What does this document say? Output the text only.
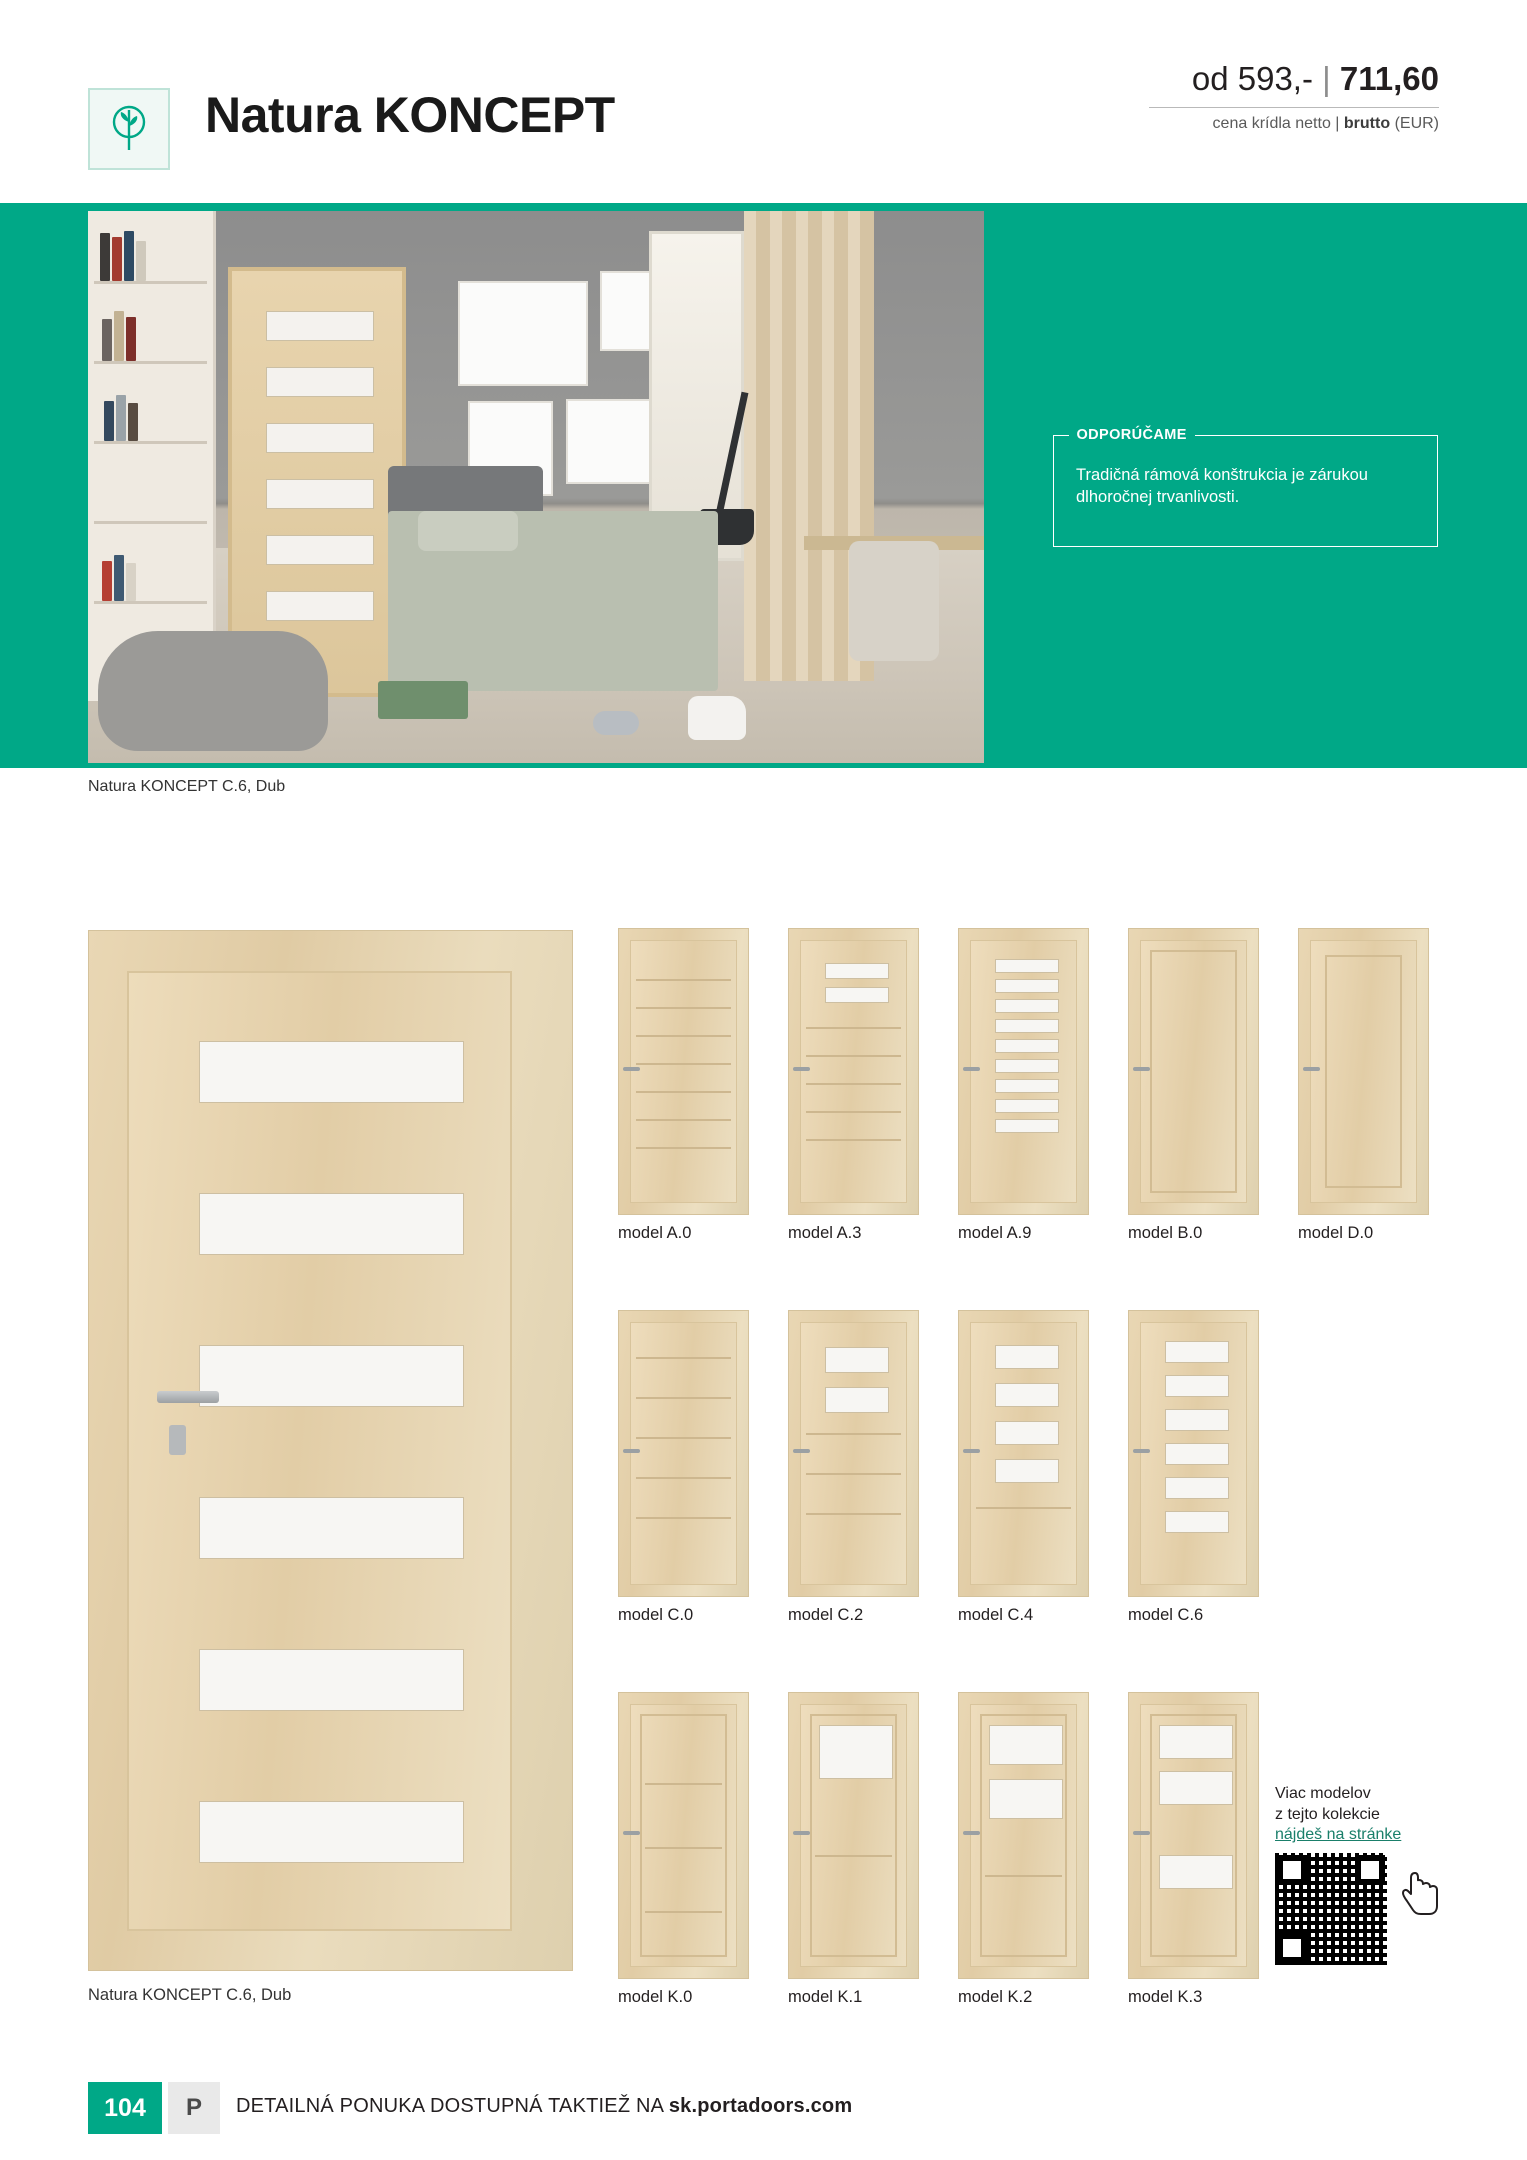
Natura KONCEPT
od 593,- | 711,60
cena krídla netto | brutto (EUR)
ODPORÚČAME
Tradičná rámová konštrukcia je zárukou dlhoročnej trvanlivosti.
Natura KONCEPT C.6, Dub
Natura KONCEPT C.6, Dub
model A.0	model A.3	model A.9	model B.0	model D.0
model C.0	model C.2	model C.4	model C.6
model K.0	model K.1	model K.2	model K.3
Viac modelov
z tejto kolekcie
nájdeš na stránke
104	P	DETAILNÁ PONUKA DOSTUPNÁ TAKTIEŽ NA sk.portadoors.com
